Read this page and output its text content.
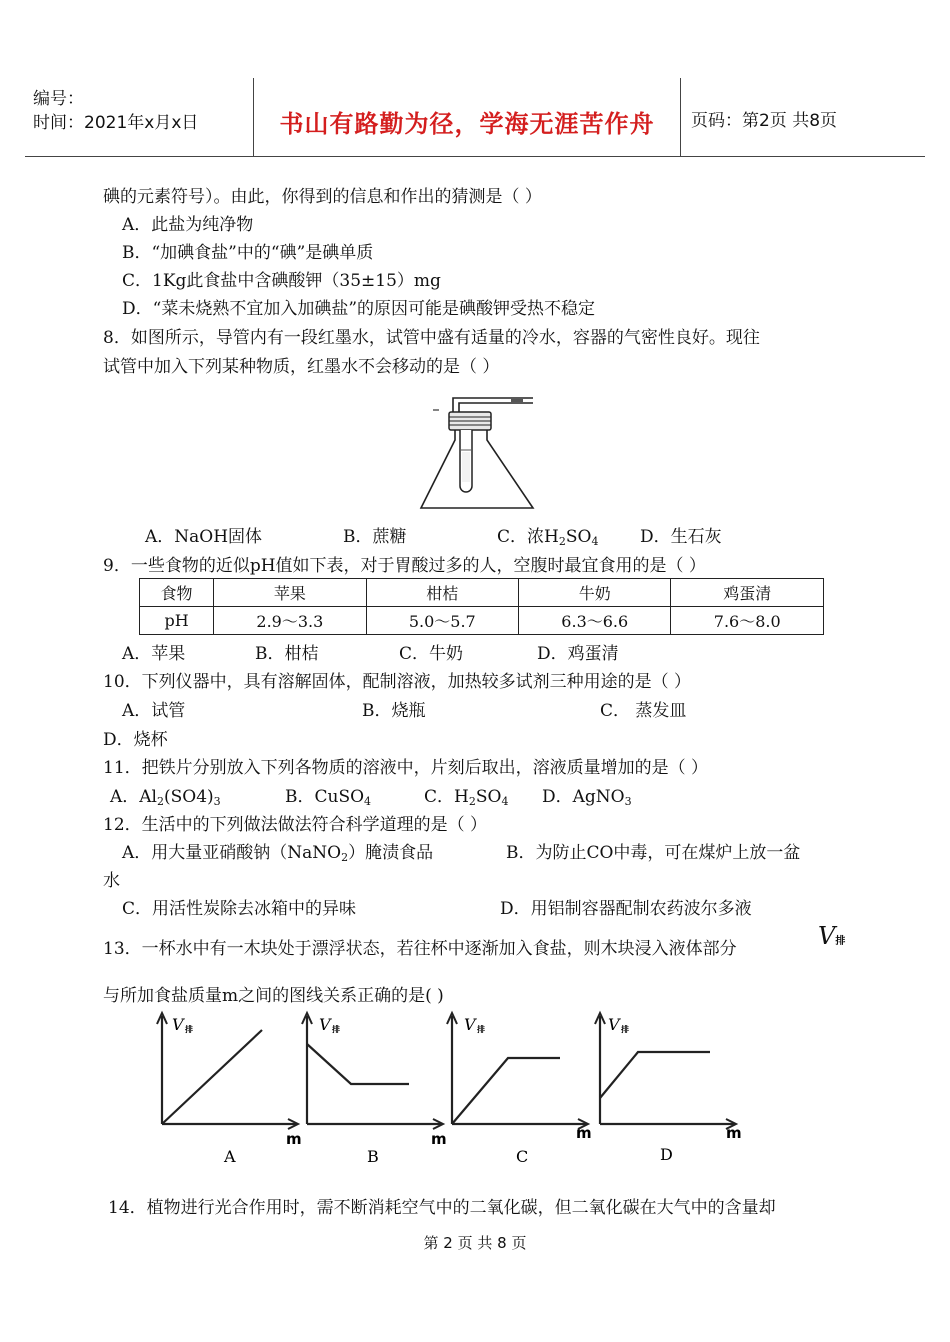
编号：
时间：2021年x月x日	书山有路勤为径，学海无涯苦作舟	页码：第2页 共8页
碘的元素符号）。由此，你得到的信息和作出的猜测是（ ）
A．此盐为纯净物
B．“加碘食盐”中的“碘”是碘单质
C．1Kg此食盐中含碘酸钾（35±15）mg
D．“菜未烧熟不宜加入加碘盐”的原因可能是碘酸钾受热不稳定
8．如图所示，导管内有一段红墨水，试管中盛有适量的冷水，容器的气密性良好。现往
试管中加入下列某种物质，红墨水不会移动的是（ ）
A．NaOH固体	B．蔗糖	C．浓$H_2SO_4$ D．生石灰
9．一些食物的近似pH值如下表，对于胃酸过多的人，空腹时最宜食用的是（ ）
食物	苹果	柑桔	牛奶	鸡蛋清
pH	2.9～3.3	5.0～5.7	6.3～6.6	7.6～8.0
A．苹果	B．柑桔	C．牛奶	D．鸡蛋清
10．下列仪器中，具有溶解固体，配制溶液，加热较多试剂三种用途的是（ ）
A．试管	B．烧瓶	C． 蒸发皿
D．烧杯
11．把铁片分别放入下列各物质的溶液中，片刻后取出，溶液质量增加的是（ ）
A．$Al_2(SO4)_3$	B．CuSO$_4$	C．$H_2SO_4$ D．AgNO$_3$
12．生活中的下列做法做法符合科学道理的是（ ）
A．用大量亚硝酸钠（NaNO$_2$）腌渍食品	B．为防止CO中毒，可在煤炉上放一盆
水
C．用活性炭除去冰箱中的异味	D．用铝制容器配制农药波尔多液
13．一杯水中有一木块处于漂浮状态，若往杯中逐渐加入食盐，则木块浸入液体部分	V排
与所加食盐质量m之间的图线关系正确的是( )
V 排
m
A
V 排
m
B
V 排
m
C
V 排
m
D
14．植物进行光合作用时，需不断消耗空气中的二氧化碳，但二氧化碳在大气中的含量却
第 2 页 共 8 页
